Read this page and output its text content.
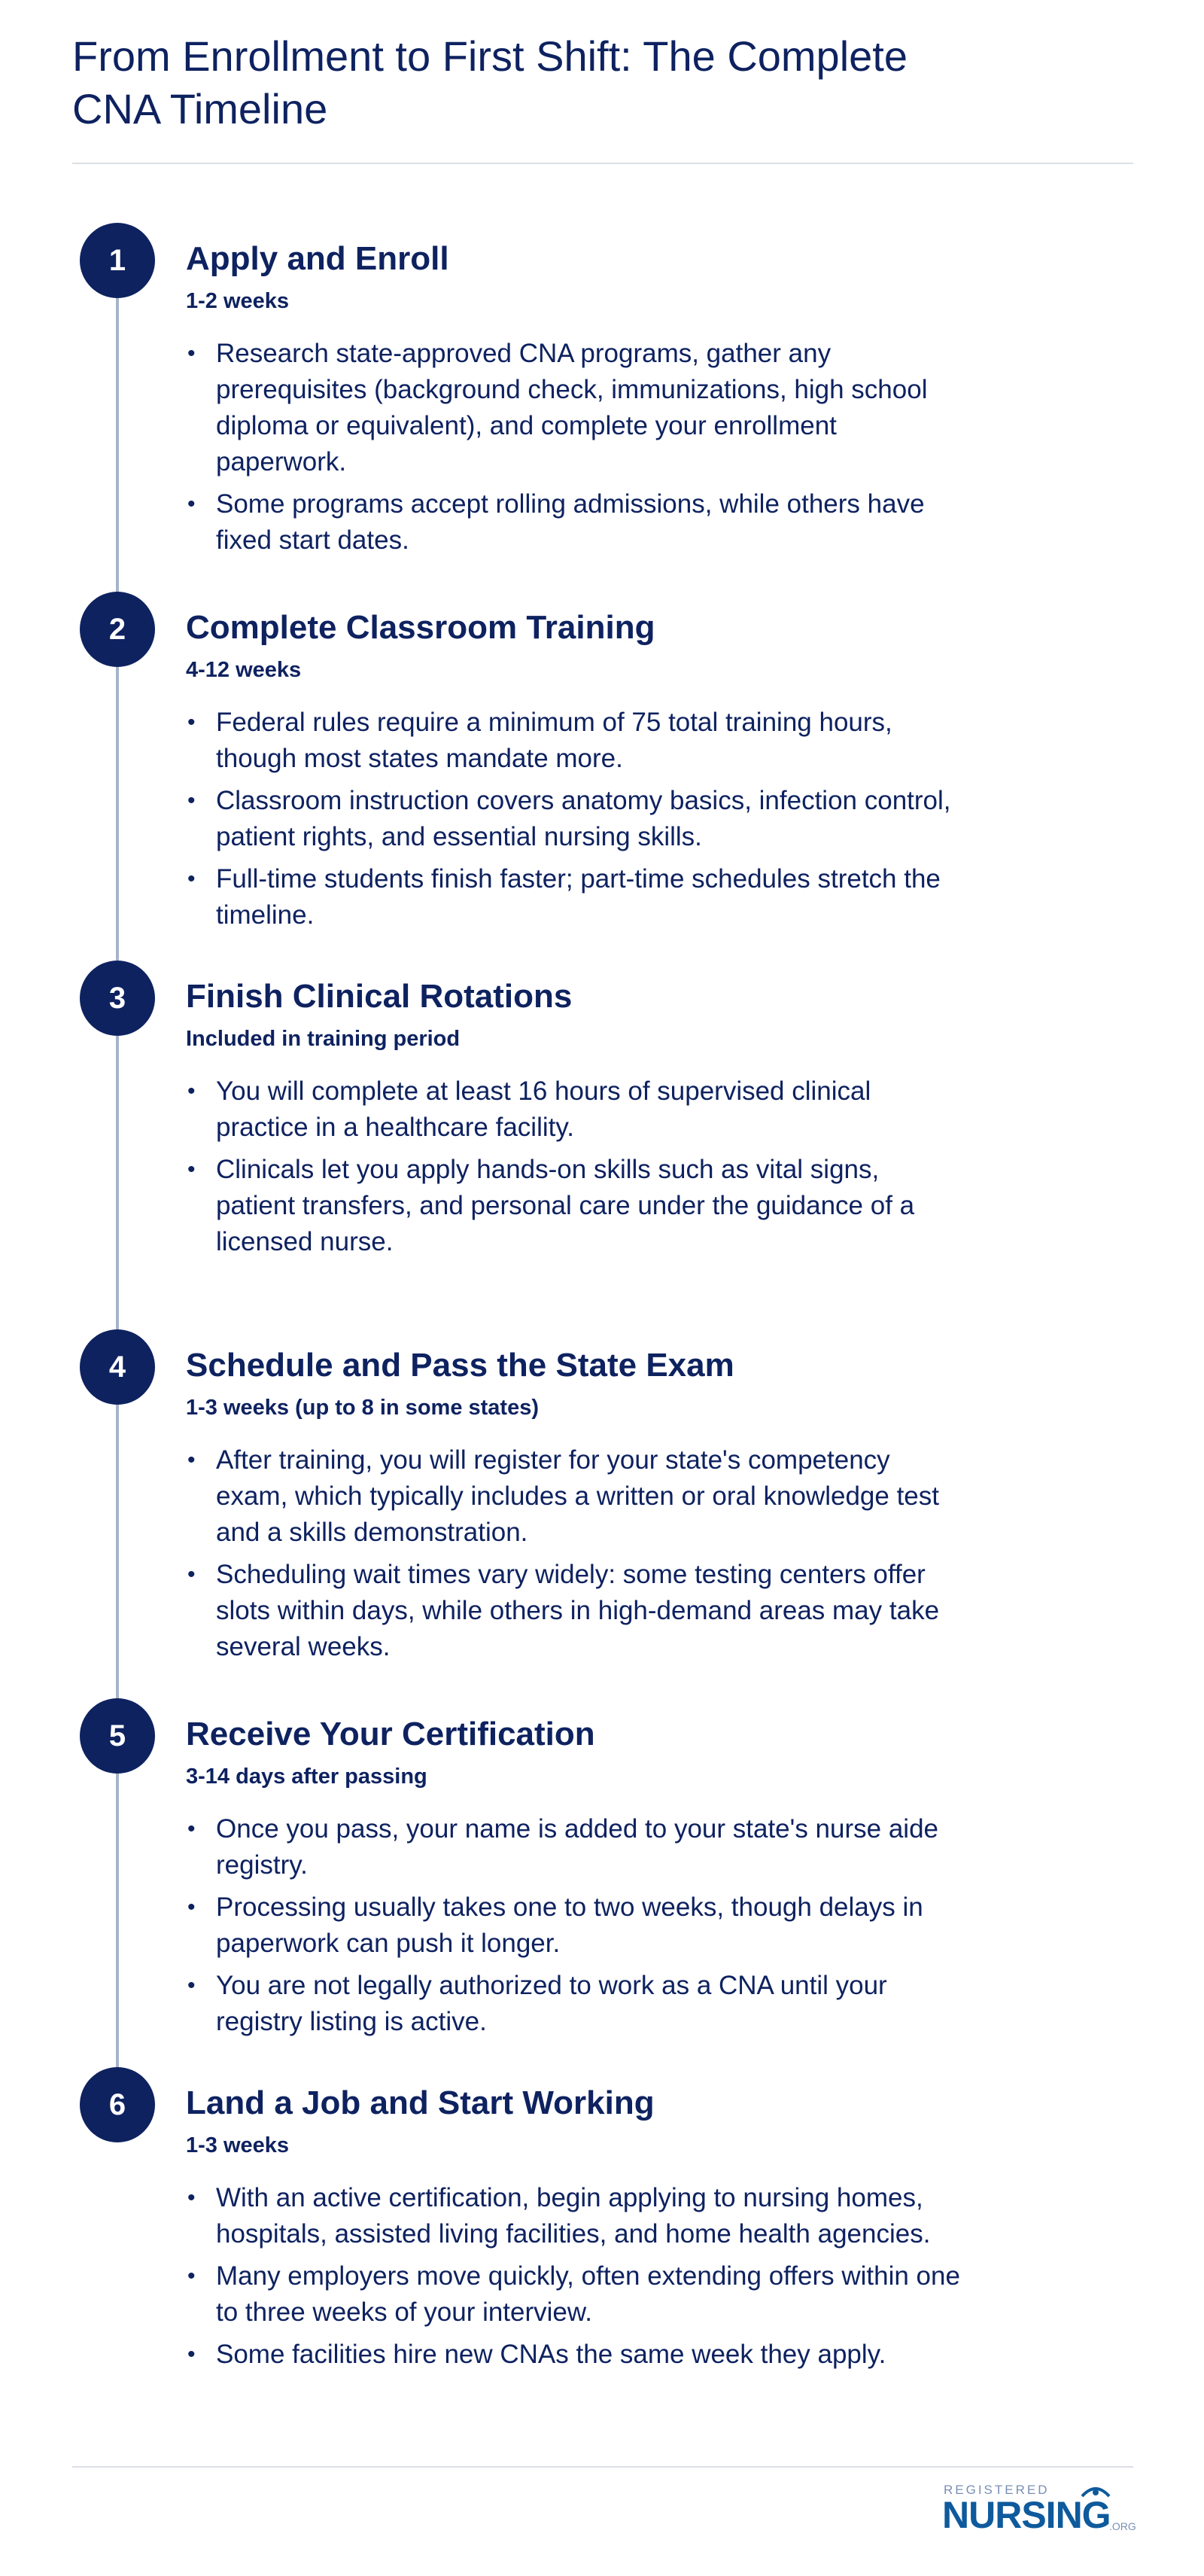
From Enrollment to First Shift: The Complete CNA Timeline
1	Apply and Enroll
1-2 weeks
• Research state-approved CNA programs, gather any prerequisites (background check, immunizations, high school diploma or equivalent), and complete your enrollment paperwork.
• Some programs accept rolling admissions, while others have fixed start dates.
2	Complete Classroom Training
4-12 weeks
• Federal rules require a minimum of 75 total training hours, though most states mandate more.
• Classroom instruction covers anatomy basics, infection control, patient rights, and essential nursing skills.
• Full-time students finish faster; part-time schedules stretch the timeline.
3	Finish Clinical Rotations
Included in training period
• You will complete at least 16 hours of supervised clinical practice in a healthcare facility.
• Clinicals let you apply hands-on skills such as vital signs, patient transfers, and personal care under the guidance of a licensed nurse.
4	Schedule and Pass the State Exam
1-3 weeks (up to 8 in some states)
• After training, you will register for your state's competency exam, which typically includes a written or oral knowledge test and a skills demonstration.
• Scheduling wait times vary widely: some testing centers offer slots within days, while others in high-demand areas may take several weeks.
5	Receive Your Certification
3-14 days after passing
• Once you pass, your name is added to your state's nurse aide registry.
• Processing usually takes one to two weeks, though delays in paperwork can push it longer.
• You are not legally authorized to work as a CNA until your registry listing is active.
6	Land a Job and Start Working
1-3 weeks
• With an active certification, begin applying to nursing homes, hospitals, assisted living facilities, and home health agencies.
• Many employers move quickly, often extending offers within one to three weeks of your interview.
• Some facilities hire new CNAs the same week they apply.
REGISTERED
NURSING
.ORG
